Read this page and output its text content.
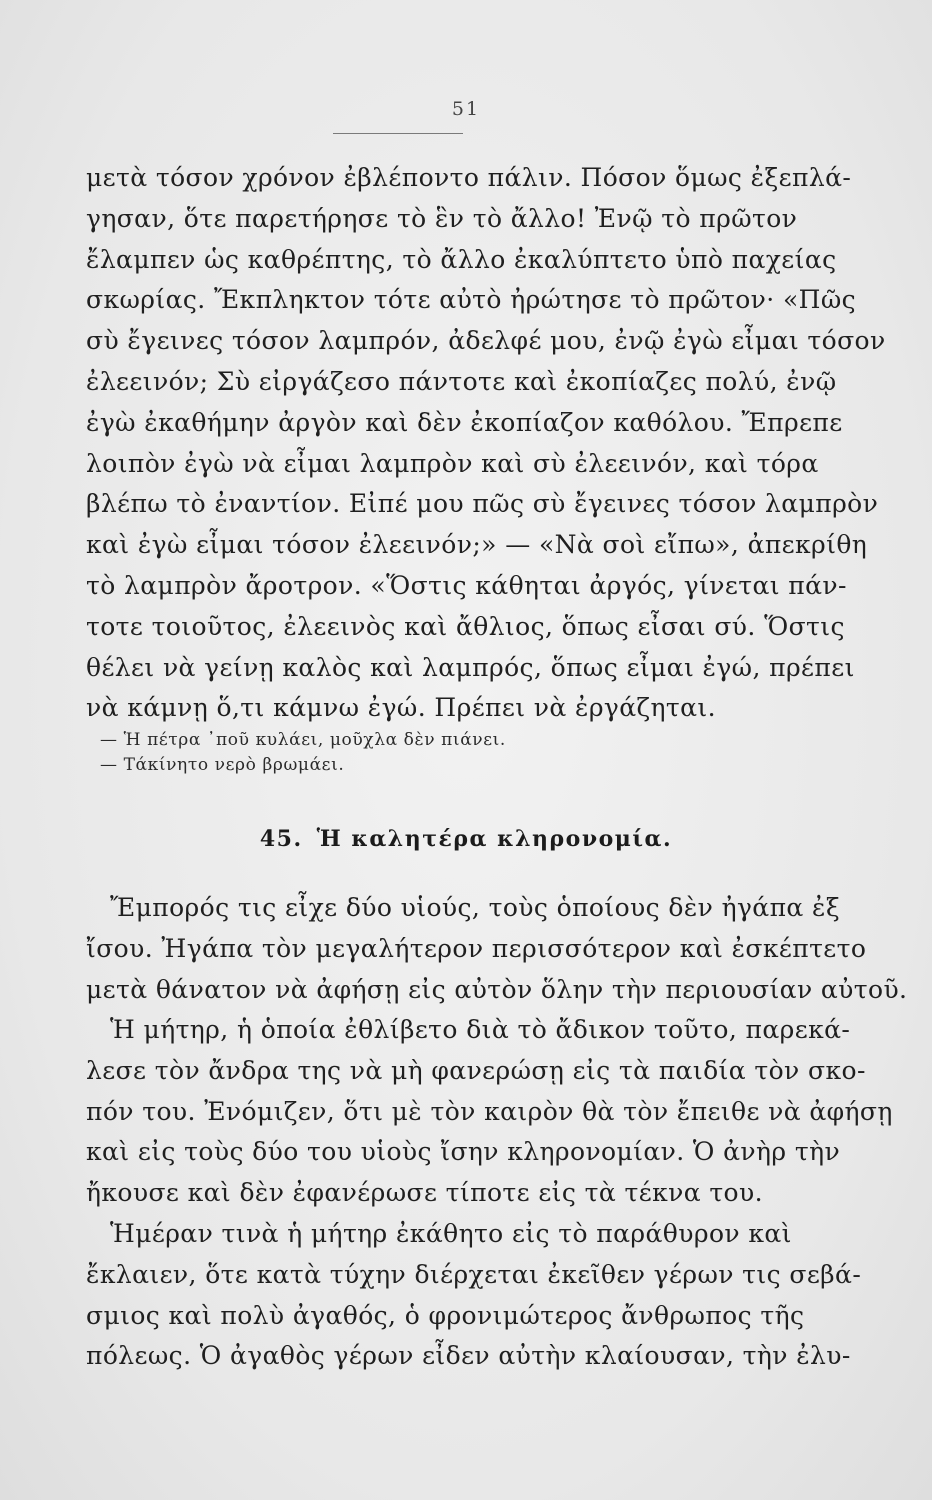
51
μετὰ τόσον χρόνον ἐβλέποντο πάλιν. Πόσον ὅμως ἐξεπλά-
γησαν, ὅτε παρετήρησε τὸ ἓν τὸ ἄλλο! Ἐνῷ τὸ πρῶτον
ἔλαμπεν ὡς καθρέπτης, τὸ ἄλλο ἐκαλύπτετο ὑπὸ παχείας
σκωρίας. Ἔκπληκτον τότε αὐτὸ ἠρώτησε τὸ πρῶτον· «Πῶς
σὺ ἔγεινες τόσον λαμπρόν, ἀδελφέ μου, ἐνῷ ἐγὼ εἶμαι τόσον
ἐλεεινόν; Σὺ εἰργάζεσο πάντοτε καὶ ἐκοπίαζες πολύ, ἐνῷ
ἐγὼ ἐκαθήμην ἀργὸν καὶ δὲν ἐκοπίαζον καθόλου. Ἔπρεπε
λοιπὸν ἐγὼ νὰ εἶμαι λαμπρὸν καὶ σὺ ἐλεεινόν, καὶ τόρα
βλέπω τὸ ἐναντίον. Εἰπέ μου πῶς σὺ ἔγεινες τόσον λαμπρὸν
καὶ ἐγὼ εἶμαι τόσον ἐλεεινόν;» — «Νὰ σοὶ εἴπω», ἀπεκρίθη
τὸ λαμπρὸν ἄροτρον. «Ὅστις κάθηται ἀργός, γίνεται πάν-
τοτε τοιοῦτος, ἐλεεινὸς καὶ ἄθλιος, ὅπως εἶσαι σύ. Ὅστις
θέλει νὰ γείνῃ καλὸς καὶ λαμπρός, ὅπως εἶμαι ἐγώ, πρέπει
νὰ κάμνῃ ὅ,τι κάμνω ἐγώ. Πρέπει νὰ ἐργάζηται.
— Ἡ πέτρα ᾽ποῦ κυλάει, μοῦχλα δὲν πιάνει.
— Τάκίνητο νερὸ βρωμάει.
45. Ἡ καλητέρα κληρονομία.
Ἔμπορός τις εἶχε δύο υἱούς, τοὺς ὁποίους δὲν ἠγάπα ἐξ
ἴσου. Ἠγάπα τὸν μεγαλήτερον περισσότερον καὶ ἐσκέπτετο
μετὰ θάνατον νὰ ἀφήσῃ εἰς αὐτὸν ὅλην τὴν περιουσίαν αὐτοῦ.
Ἡ μήτηρ, ἡ ὁποία ἐθλίβετο διὰ τὸ ἄδικον τοῦτο, παρεκά-
λεσε τὸν ἄνδρα της νὰ μὴ φανερώσῃ εἰς τὰ παιδία τὸν σκο-
πόν του. Ἐνόμιζεν, ὅτι μὲ τὸν καιρὸν θὰ τὸν ἔπειθε νὰ ἀφήσῃ
καὶ εἰς τοὺς δύο του υἱοὺς ἴσην κληρονομίαν. Ὁ ἀνὴρ τὴν
ἤκουσε καὶ δὲν ἐφανέρωσε τίποτε εἰς τὰ τέκνα του.
Ἡμέραν τινὰ ἡ μήτηρ ἐκάθητο εἰς τὸ παράθυρον καὶ
ἔκλαιεν, ὅτε κατὰ τύχην διέρχεται ἐκεῖθεν γέρων τις σεβά-
σμιος καὶ πολὺ ἀγαθός, ὁ φρονιμώτερος ἄνθρωπος τῆς
πόλεως. Ὁ ἀγαθὸς γέρων εἶδεν αὐτὴν κλαίουσαν, τὴν ἐλυ-
